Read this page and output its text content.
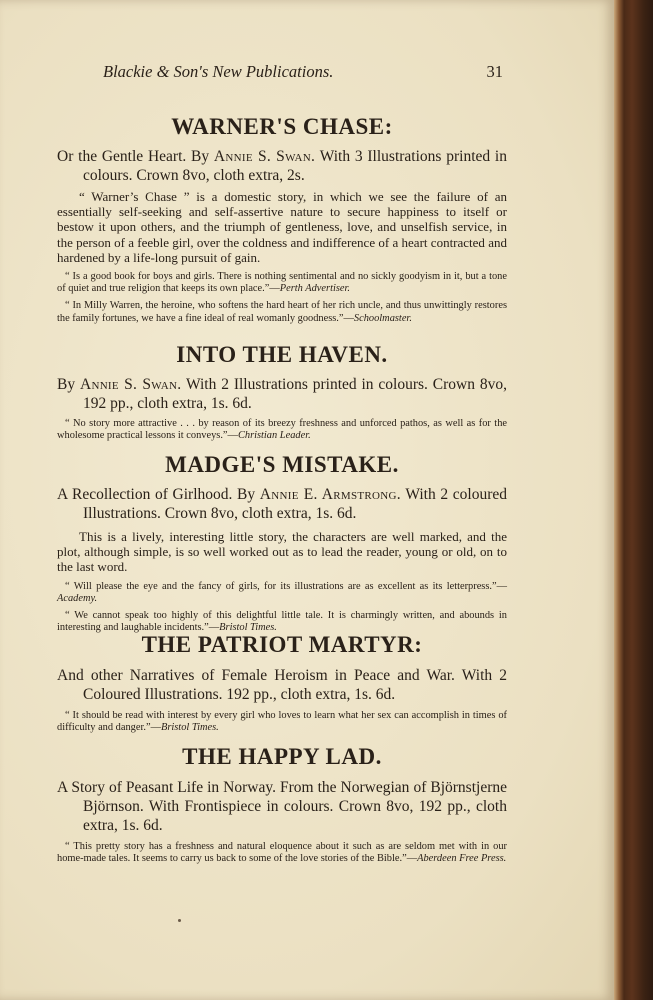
Blackie & Son's New Publications.	31
WARNER'S CHASE:

Or the Gentle Heart. By Annie S. Swan. With 3 Illustrations printed in colours. Crown 8vo, cloth extra, 2s.

“ Warner’s Chase ” is a domestic story, in which we see the failure of an essentially self-seeking and self-assertive nature to secure happiness to itself or bestow it upon others, and the triumph of gentleness, love, and unselfish service, in the person of a feeble girl, over the coldness and indifference of a heart contracted and hardened by a life-long pursuit of gain.

“ Is a good book for boys and girls. There is nothing sentimental and no sickly goodyism in it, but a tone of quiet and true religion that keeps its own place.”—Perth Advertiser.

“ In Milly Warren, the heroine, who softens the hard heart of her rich uncle, and thus unwittingly restores the family fortunes, we have a fine ideal of real womanly goodness.”—Schoolmaster.

INTO THE HAVEN.

By Annie S. Swan. With 2 Illustrations printed in colours. Crown 8vo, 192 pp., cloth extra, 1s. 6d.

“ No story more attractive . . . by reason of its breezy freshness and unforced pathos, as well as for the wholesome practical lessons it conveys.”—Christian Leader.

MADGE'S MISTAKE.

A Recollection of Girlhood. By Annie E. Armstrong. With 2 coloured Illustrations. Crown 8vo, cloth extra, 1s. 6d.

This is a lively, interesting little story, the characters are well marked, and the plot, although simple, is so well worked out as to lead the reader, young or old, on to the last word.

“ Will please the eye and the fancy of girls, for its illustrations are as excellent as its letterpress.”—Academy.

“ We cannot speak too highly of this delightful little tale. It is charmingly written, and abounds in interesting and laughable incidents.”—Bristol Times.

THE PATRIOT MARTYR:

And other Narratives of Female Heroism in Peace and War. With 2 Coloured Illustrations. 192 pp., cloth extra, 1s. 6d.

“ It should be read with interest by every girl who loves to learn what her sex can accomplish in times of difficulty and danger.”—Bristol Times.

THE HAPPY LAD.

A Story of Peasant Life in Norway. From the Norwegian of Björnstjerne Björnson. With Frontispiece in colours. Crown 8vo, 192 pp., cloth extra, 1s. 6d.

“ This pretty story has a freshness and natural eloquence about it such as are seldom met with in our home-made tales. It seems to carry us back to some of the love stories of the Bible.”—Aberdeen Free Press.
